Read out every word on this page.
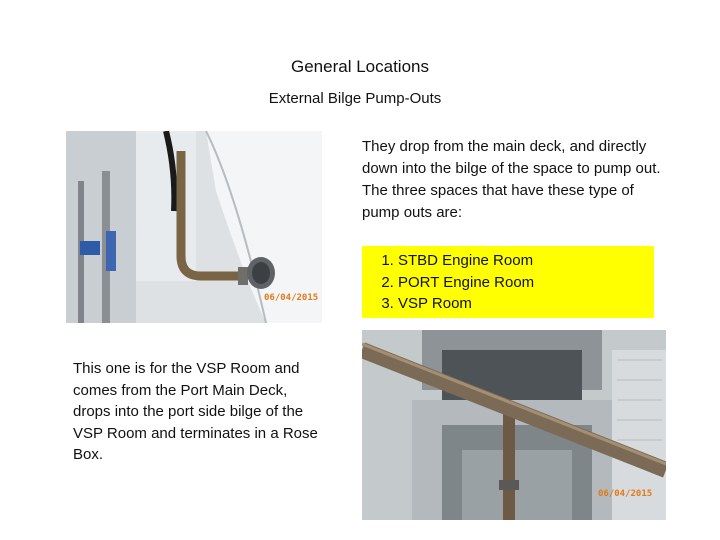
General Locations
External Bilge Pump-Outs
06/04/2015

They drop from the main deck, and directly down into the bilge of the space to pump out.

The three spaces that have these type of pump outs are:

1. STBD Engine Room
2. PORT Engine Room
3. VSP Room
This one is for the VSP Room and comes from the Port Main Deck, drops into the port side bilge of the VSP Room and terminates in a Rose Box.
06/04/2015
